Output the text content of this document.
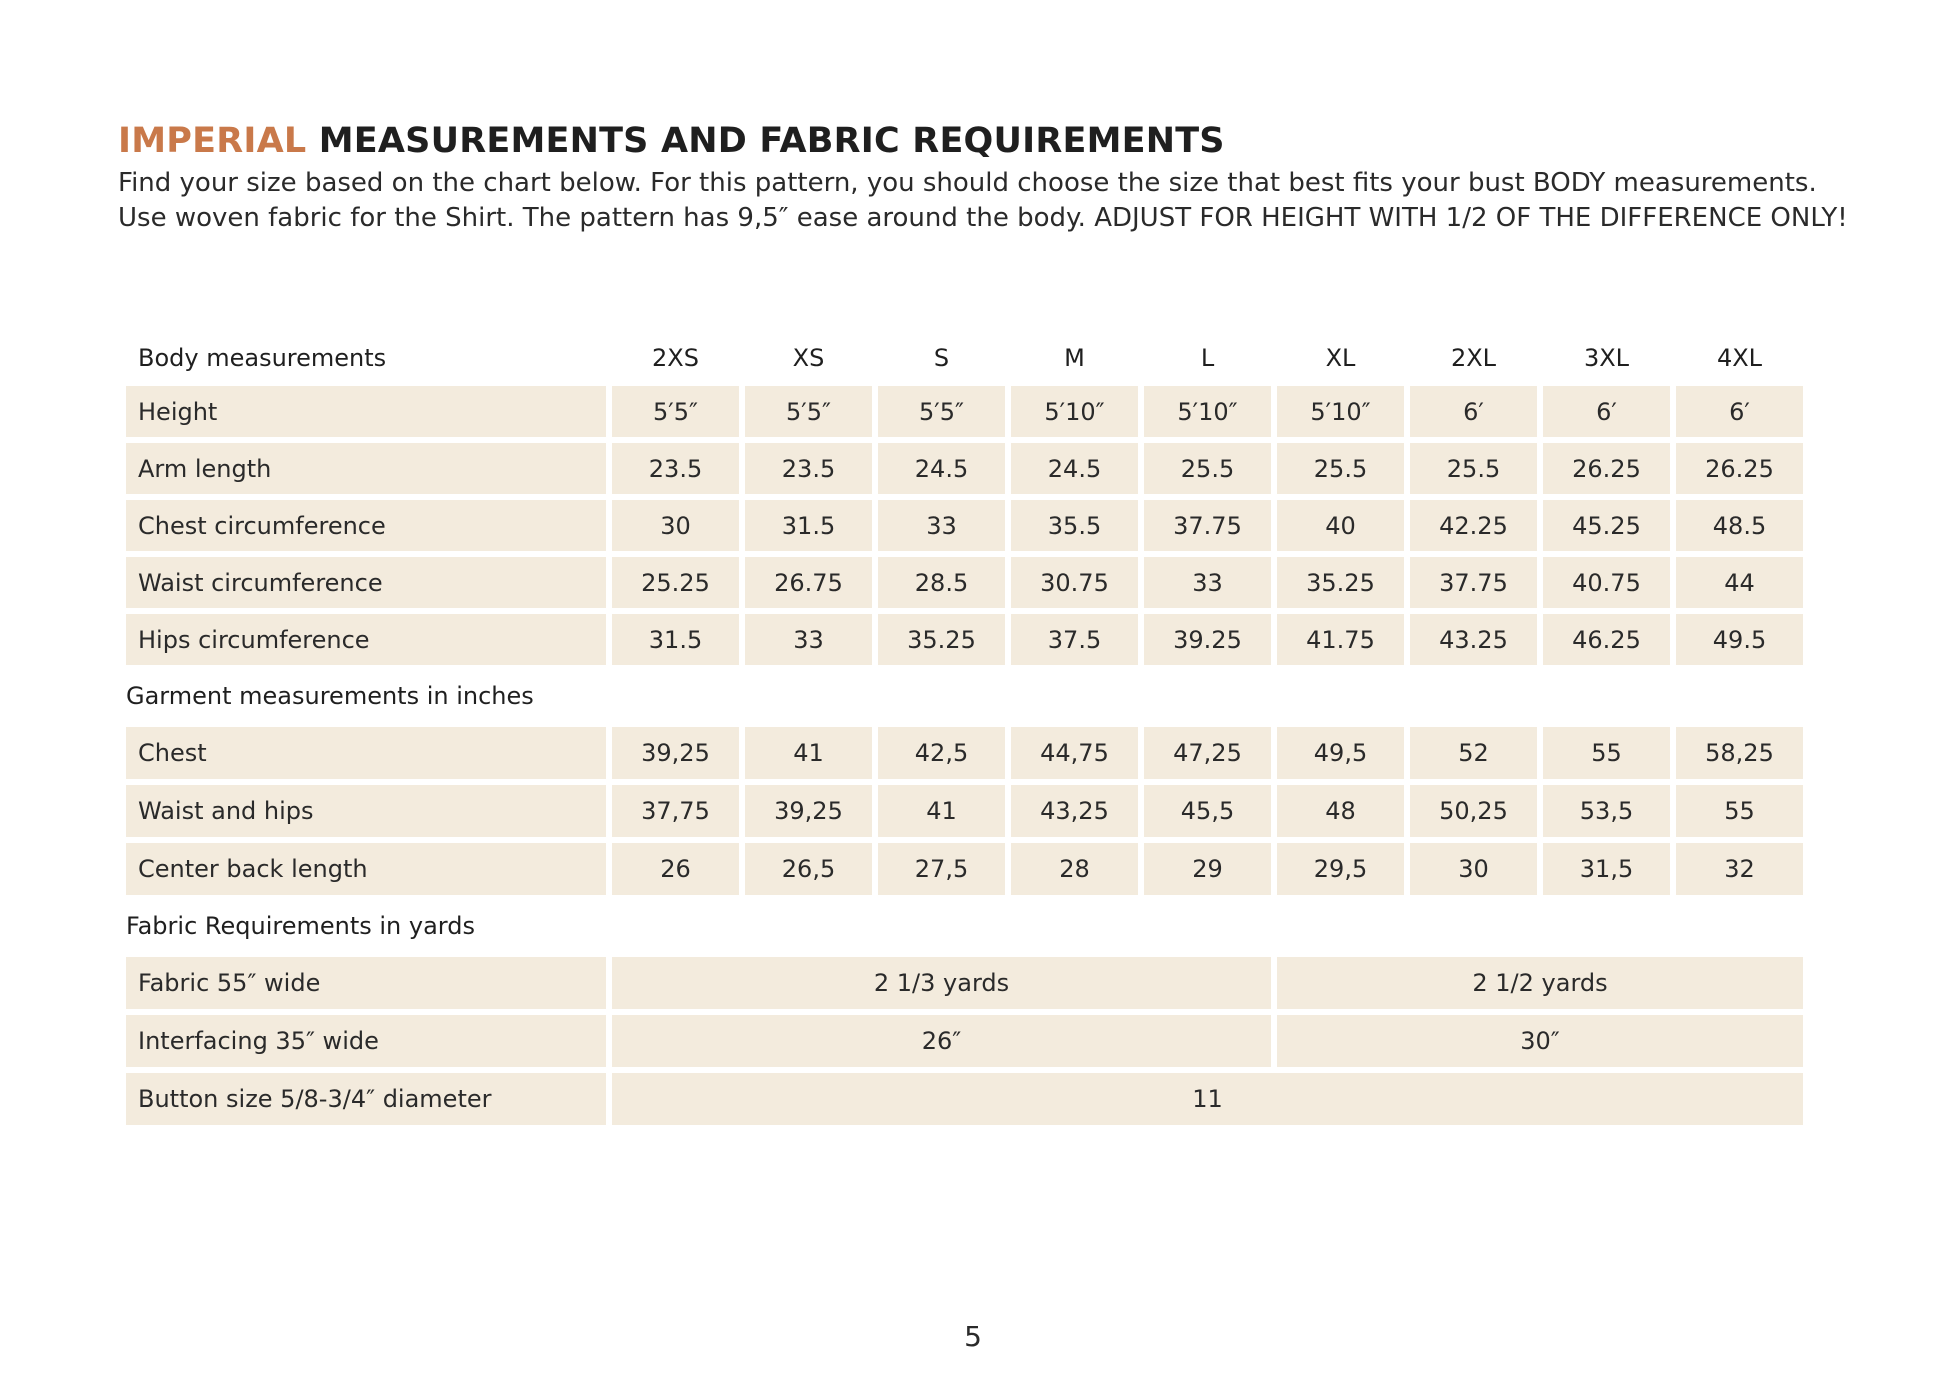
IMPERIAL MEASUREMENTS AND FABRIC REQUIREMENTS
Find your size based on the chart below. For this pattern, you should choose the size that best fits your bust BODY measurements.
Use woven fabric for the Shirt. The pattern has 9,5″ ease around the body. ADJUST FOR HEIGHT WITH 1/2 OF THE DIFFERENCE ONLY!
Body measurements	2XS	XS	S	M	L	XL	2XL	3XL	4XL
Height	5′5″	5′5″	5′5″	5′10″	5′10″	5′10″	6′	6′	6′
Arm length	23.5	23.5	24.5	24.5	25.5	25.5	25.5	26.25	26.25
Chest circumference	30	31.5	33	35.5	37.75	40	42.25	45.25	48.5
Waist circumference	25.25	26.75	28.5	30.75	33	35.25	37.75	40.75	44
Hips circumference	31.5	33	35.25	37.5	39.25	41.75	43.25	46.25	49.5
Garment measurements in inches									
Chest	39,25	41	42,5	44,75	47,25	49,5	52	55	58,25
Waist and hips	37,75	39,25	41	43,25	45,5	48	50,25	53,5	55
Center back length	26	26,5	27,5	28	29	29,5	30	31,5	32
Fabric Requirements in yards									
Fabric 55″ wide	2 1/3 yards					2 1/2 yards			
Interfacing 35″ wide	26″					30″			
Button size 5/8-3/4″ diameter	11								
5
